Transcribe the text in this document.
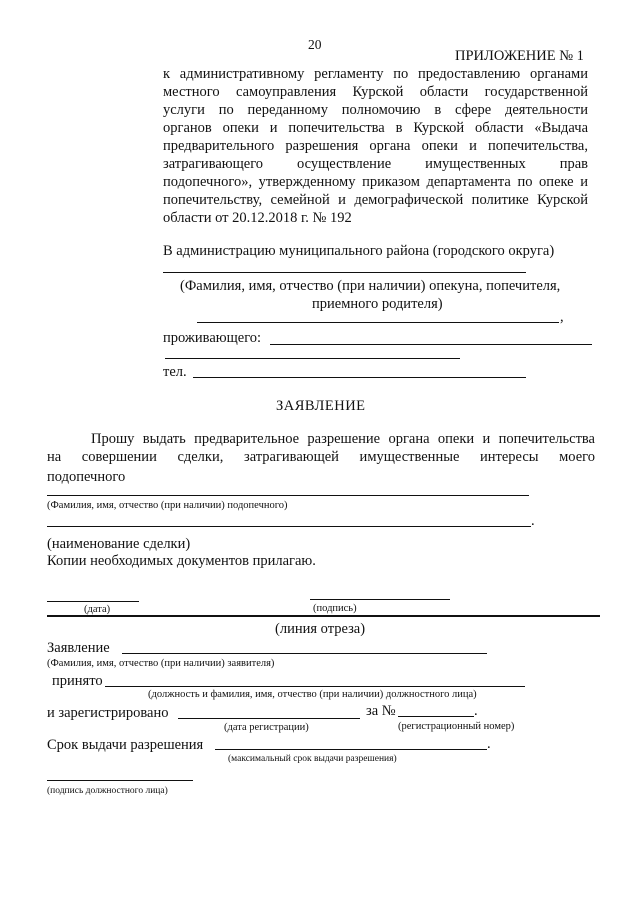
20
ПРИЛОЖЕНИЕ № 1
к административному регламенту по предоставлению органами
местного самоуправления Курской области государственной
услуги по переданному полномочию в сфере деятельности
органов опеки и попечительства в Курской области «Выдача
предварительного разрешения органа опеки и попечительства,
затрагивающего осуществление имущественных прав
подопечного», утвержденному приказом департамента по опеке и
попечительству, семейной и демографической политике Курской
области от 20.12.2018 г. № 192
В администрацию муниципального района (городского округа)
(Фамилия, имя, отчество (при наличии) опекуна, попечителя,
приемного родителя)
,
проживающего:
тел.
ЗАЯВЛЕНИЕ
Прошу выдать предварительное разрешение органа опеки и попечительства
на совершении сделки, затрагивающей имущественные интересы моего
подопечного
(Фамилия, имя, отчество (при наличии) подопечного)
.
(наименование сделки)
Копии необходимых документов прилагаю.
(дата)	(подпись)
(линия отреза)
Заявление
(Фамилия, имя, отчество (при наличии) заявителя)
принято
(должность и фамилия, имя, отчество (при наличии) должностного лица)
и зарегистрировано	за №	.
(дата регистрации)	(регистрационный номер)
Срок выдачи разрешения	.
(максимальный срок выдачи разрешения)
(подпись должностного лица)
